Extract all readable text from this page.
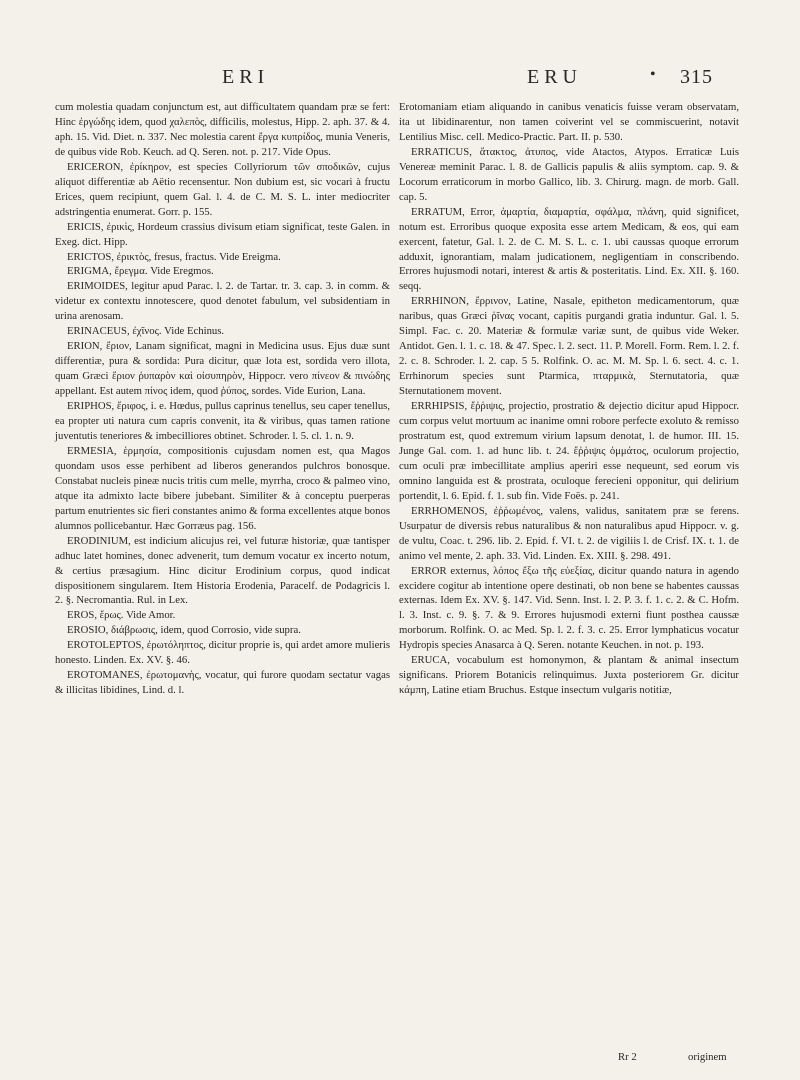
ERI	ERU	• 315

cum molestia quadam conjunctum est, aut difficultatem quandam præ se fert: Hinc ἐργώδης idem, quod χαλεπὸς, difficilis, molestus, Hipp. 2. aph. 37. & 4. aph. 15. Vid. Diet. n. 337. Nec molestia carent ἔργα κυπρίδος, munia Veneris, de quibus vide Rob. Keuch. ad Q. Seren. not. p. 217. Vide Opus.

ERICERON, ἐρίκηρον, est species Collyriorum τῶν σποδικῶν, cujus aliquot differentiæ ab Aëtio recensentur. Non dubium est, sic vocari à fructu Erices, quem recipiunt, quem Gal. l. 4. de C. M. S. L. inter mediocriter adstringentia enumerat. Gorr. p. 155.

ERICIS, ἐρικὶς, Hordeum crassius divisum etiam significat, teste Galen. in Exeg. dict. Hipp.

ERICTOS, ἐρικτὸς, fresus, fractus. Vide Ereigma.

ERIGMA, ἔρεγμα. Vide Eregmos.

ERIMOIDES, legitur apud Parac. l. 2. de Tartar. tr. 3. cap. 3. in comm. & videtur ex contextu innotescere, quod denotet fabulum, vel subsidentiam in urina arenosam.

ERINACEUS, ἐχῖνος. Vide Echinus.

ERION, ἔριον, Lanam significat, magni in Medicina usus. Ejus duæ sunt differentiæ, pura & sordida: Pura dicitur, quæ lota est, sordida vero illota, quam Græci ἔριον ῥυπαρὸν καὶ οἰσυπηρὸν, Hippocr. vero πίνεον & πινώδης appellant. Est autem πίνος idem, quod ῥύπος, sordes. Vide Eurion, Lana.

ERIPHOS, ἔριφος, i. e. Hœdus, pullus caprinus tenellus, seu caper tenellus, ea propter uti natura cum capris convenit, ita & viribus, quas tamen ratione juventutis teneriores & imbecilliores obtinet. Schroder. l. 5. cl. 1. n. 9.

ERMESIA, ἑρμησία, compositionis cujusdam nomen est, qua Magos quondam usos esse perhibent ad liberos generandos pulchros bonosque. Constabat nucleis pineæ nucis tritis cum melle, myrrha, croco & palmeo vino, atque ita admixto lacte bibere jubebant. Similiter & à conceptu puerperas partum enutrientes sic fieri constantes animo & forma excellentes atque bonos alumnos pollicebantur. Hæc Gorræus pag. 156.

ERODINIUM, est indicium alicujus rei, vel futuræ historiæ, quæ tantisper adhuc latet homines, donec advenerit, tum demum vocatur ex incerto notum, & certius præsagium. Hinc dicitur Erodinium corpus, quod indicat dispositionem singularem. Item Historia Erodenia, Paracelf. de Podagricis l. 2. §. Necromantia. Rul. in Lex.

EROS, ἔρως. Vide Amor.

EROSIO, διάβρωσις, idem, quod Corrosio, vide supra.

EROTOLEPTOS, ἐρωτόληπτος, dicitur proprie is, qui ardet amore mulieris honesto. Linden. Ex. XV. §. 46.

EROTOMANES, ἐρωτομανὴς, vocatur, qui furore quodam sectatur vagas & illicitas libidines, Lind. d. l.

Erotomaniam etiam aliquando in canibus venaticis fuisse veram observatam, ita ut libidinarentur, non tamen coiverint vel se commiscuerint, notavit Lentilius Misc. cell. Medico-Practic. Part. II. p. 530.

ERRATICUS, ἄτακτος, ἀτυπος, vide Atactos, Atypos. Erraticæ Luis Venereæ meminit Parac. l. 8. de Gallicis papulis & aliis symptom. cap. 9. & Locorum erraticorum in morbo Gallico, lib. 3. Chirurg. magn. de morb. Gall. cap. 5.

ERRATUM, Error, ἁμαρτία, διαμαρτία, σφάλμα, πλάνη, quid significet, notum est. Erroribus quoque exposita esse artem Medicam, & eos, qui eam exercent, fatetur, Gal. l. 2. de C. M. S. L. c. 1. ubi caussas quoque errorum adduxit, ignorantiam, malam judicationem, negligentiam in conscribendo. Errores hujusmodi notari, interest & artis & posteritatis. Lind. Ex. XII. §. 160. seqq.

ERRHINON, ἔρρινον, Latine, Nasale, epitheton medicamentorum, quæ naribus, quas Græci ῥῖνας vocant, capitis purgandi gratia induntur. Gal. l. 5. Simpl. Fac. c. 20. Materiæ & formulæ variæ sunt, de quibus vide Weker. Antidot. Gen. l. 1. c. 18. & 47. Spec. l. 2. sect. 11. P. Morell. Form. Rem. l. 2. f. 2. c. 8. Schroder. l. 2. cap. 5 5. Rolfink. O. ac. M. M. Sp. l. 6. sect. 4. c. 1. Errhinorum species sunt Ptarmica, πταρμικὰ, Sternutatoria, quæ Sternutationem movent.

ERRHIPSIS, ἔῤῥιψις, projectio, prostratio & dejectio dicitur apud Hippocr. cum corpus velut mortuum ac inanime omni robore perfecte exoluto & remisso prostratum est, quod extremum virium lapsum denotat, l. de humor. III. 15. Junge Gal. com. 1. ad hunc lib. t. 24. ἔῤῥιψις ὀμμάτος, oculorum projectio, cum oculi præ imbecillitate amplius aperiri esse nequeunt, sed eorum vis omnino languida est & prostrata, oculoque ferecieni opponitur, qui delirium portendit, l. 6. Epid. f. 1. sub fin. Vide Foës. p. 241.

ERRHOMENOS, ἐῤῥωμένος, valens, validus, sanitatem præ se ferens. Usurpatur de diversis rebus naturalibus & non naturalibus apud Hippocr. v. g. de vultu, Coac. t. 296. lib. 2. Epid. f. VI. t. 2. de vigiliis l. de Crisf. IX. t. 1. de animo vel mente, 2. aph. 33. Vid. Linden. Ex. XIII. §. 298. 491.

ERROR externus, λόπος ἔξω τῆς εὐεξίας, dicitur quando natura in agendo excidere cogitur ab intentione opere destinati, ob non bene se habentes caussas externas. Idem Ex. XV. §. 147. Vid. Senn. Inst. l. 2. P. 3. f. 1. c. 2. & C. Hofm. l. 3. Inst. c. 9. §. 7. & 9. Errores hujusmodi externi fiunt posthea caussæ morborum. Rolfink. O. ac Med. Sp. l. 2. f. 3. c. 25. Error lymphaticus vocatur Hydropis species Anasarca à Q. Seren. notante Keuchen. in not. p. 193.

ERUCA, vocabulum est homonymon, & plantam & animal insectum significans. Priorem Botanicis relinquimus. Juxta posteriorem Gr. dicitur κάμπη, Latine etiam Bruchus. Estque insectum vulgaris notitiæ,

Rr 2	originem
